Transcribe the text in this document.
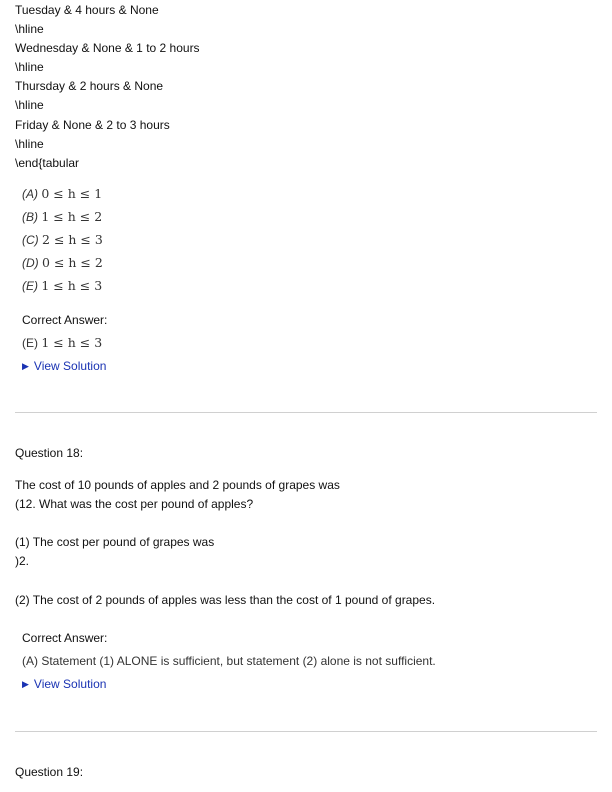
Tuesday & 4 hours & None
\hline
Wednesday & None & 1 to 2 hours
\hline
Thursday & 2 hours & None
\hline
Friday & None & 2 to 3 hours
\hline
\end{tabular
(A) 0 ≤ h ≤ 1
(B) 1 ≤ h ≤ 2
(C) 2 ≤ h ≤ 3
(D) 0 ≤ h ≤ 2
(E) 1 ≤ h ≤ 3
Correct Answer:
(E) 1 ≤ h ≤ 3
▶ View Solution
Question 18:
The cost of 10 pounds of apples and 2 pounds of grapes was
(12. What was the cost per pound of apples?
(1) The cost per pound of grapes was
)2.
(2) The cost of 2 pounds of apples was less than the cost of 1 pound of grapes.
Correct Answer:
(A) Statement (1) ALONE is sufficient, but statement (2) alone is not sufficient.
▶ View Solution
Question 19:
